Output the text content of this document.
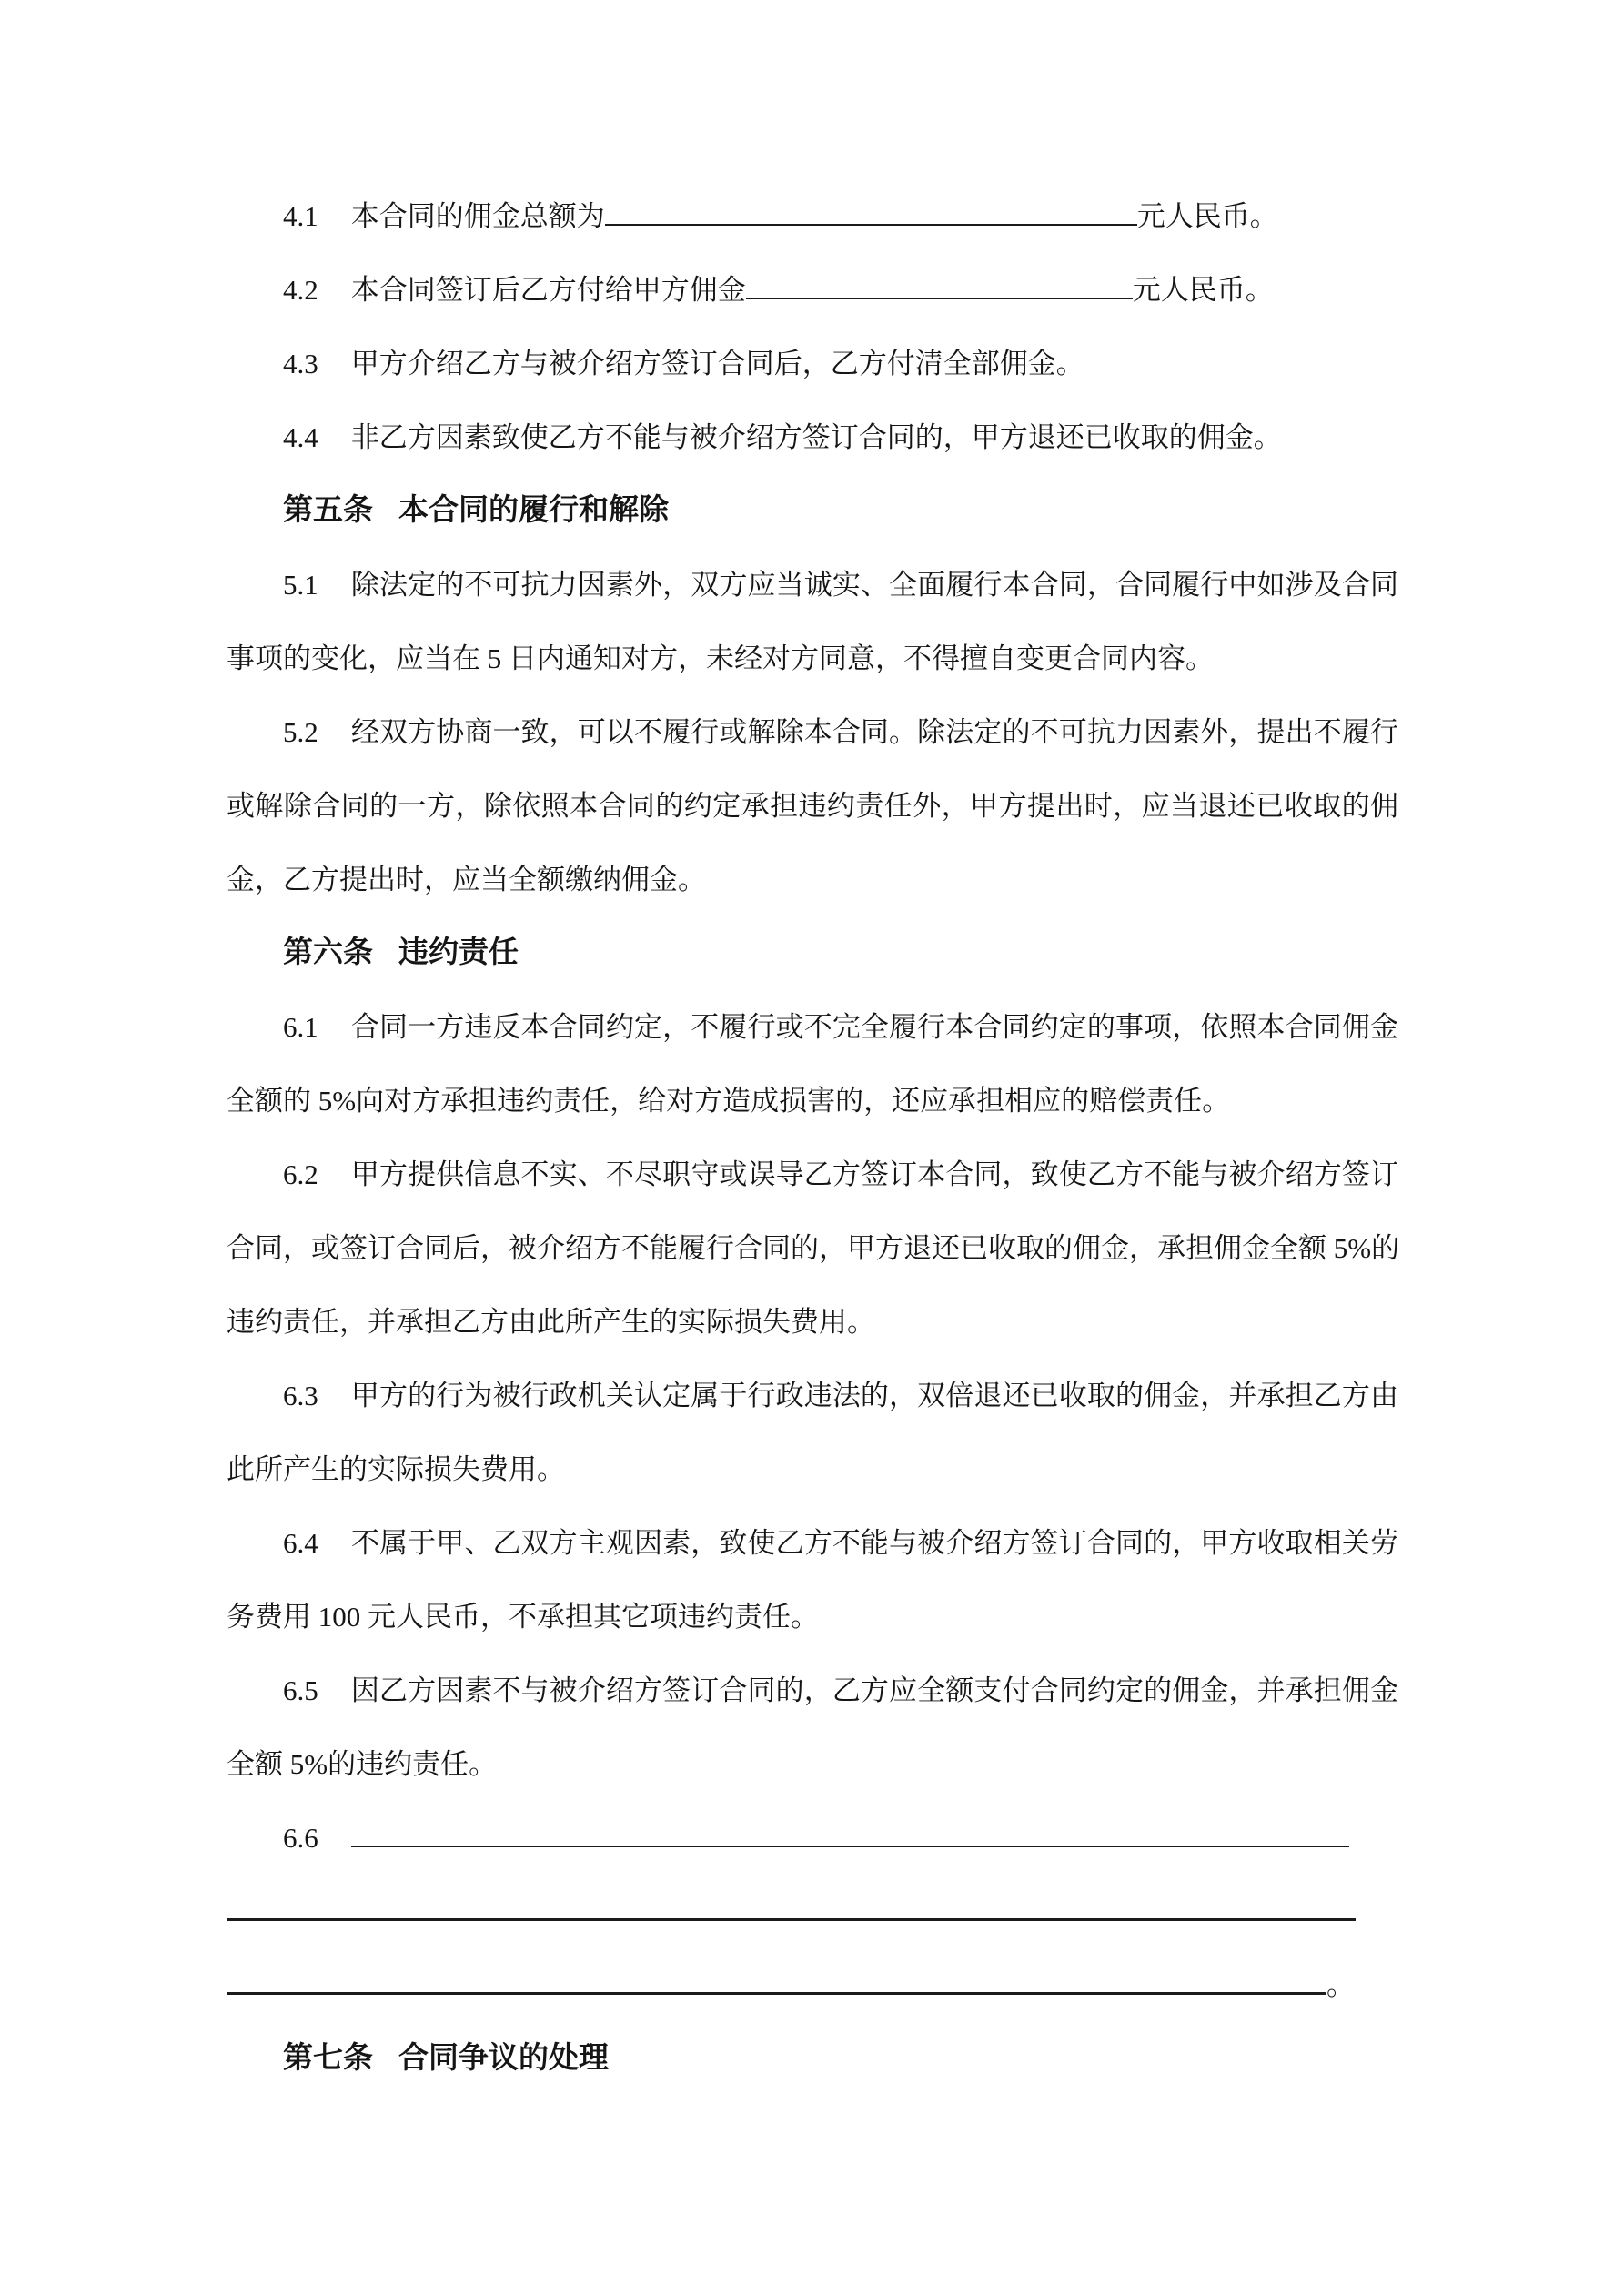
4.1 本合同的佣金总额为	元人民币。
4.2 本合同签订后乙方付给甲方佣金	元人民币。
4.3 甲方介绍乙方与被介绍方签订合同后，乙方付清全部佣金。
4.4 非乙方因素致使乙方不能与被介绍方签订合同的，甲方退还已收取的佣金。
第五条 本合同的履行和解除
5.1 除法定的不可抗力因素外，双方应当诚实、全面履行本合同，合同履行中如涉及合同
事项的变化，应当在 5 日内通知对方，未经对方同意，不得擅自变更合同内容。
5.2 经双方协商一致，可以不履行或解除本合同。除法定的不可抗力因素外，提出不履行
或解除合同的一方，除依照本合同的约定承担违约责任外，甲方提出时，应当退还已收取的佣
金，乙方提出时，应当全额缴纳佣金。
第六条 违约责任
6.1 合同一方违反本合同约定，不履行或不完全履行本合同约定的事项，依照本合同佣金
全额的 5%向对方承担违约责任，给对方造成损害的，还应承担相应的赔偿责任。
6.2 甲方提供信息不实、不尽职守或误导乙方签订本合同，致使乙方不能与被介绍方签订
合同，或签订合同后，被介绍方不能履行合同的，甲方退还已收取的佣金，承担佣金全额 5%的
违约责任，并承担乙方由此所产生的实际损失费用。
6.3 甲方的行为被行政机关认定属于行政违法的，双倍退还已收取的佣金，并承担乙方由
此所产生的实际损失费用。
6.4 不属于甲、乙双方主观因素，致使乙方不能与被介绍方签订合同的，甲方收取相关劳
务费用 100 元人民币，不承担其它项违约责任。
6.5 因乙方因素不与被介绍方签订合同的，乙方应全额支付合同约定的佣金，并承担佣金
全额 5%的违约责任。
6.6
。
第七条 合同争议的处理
